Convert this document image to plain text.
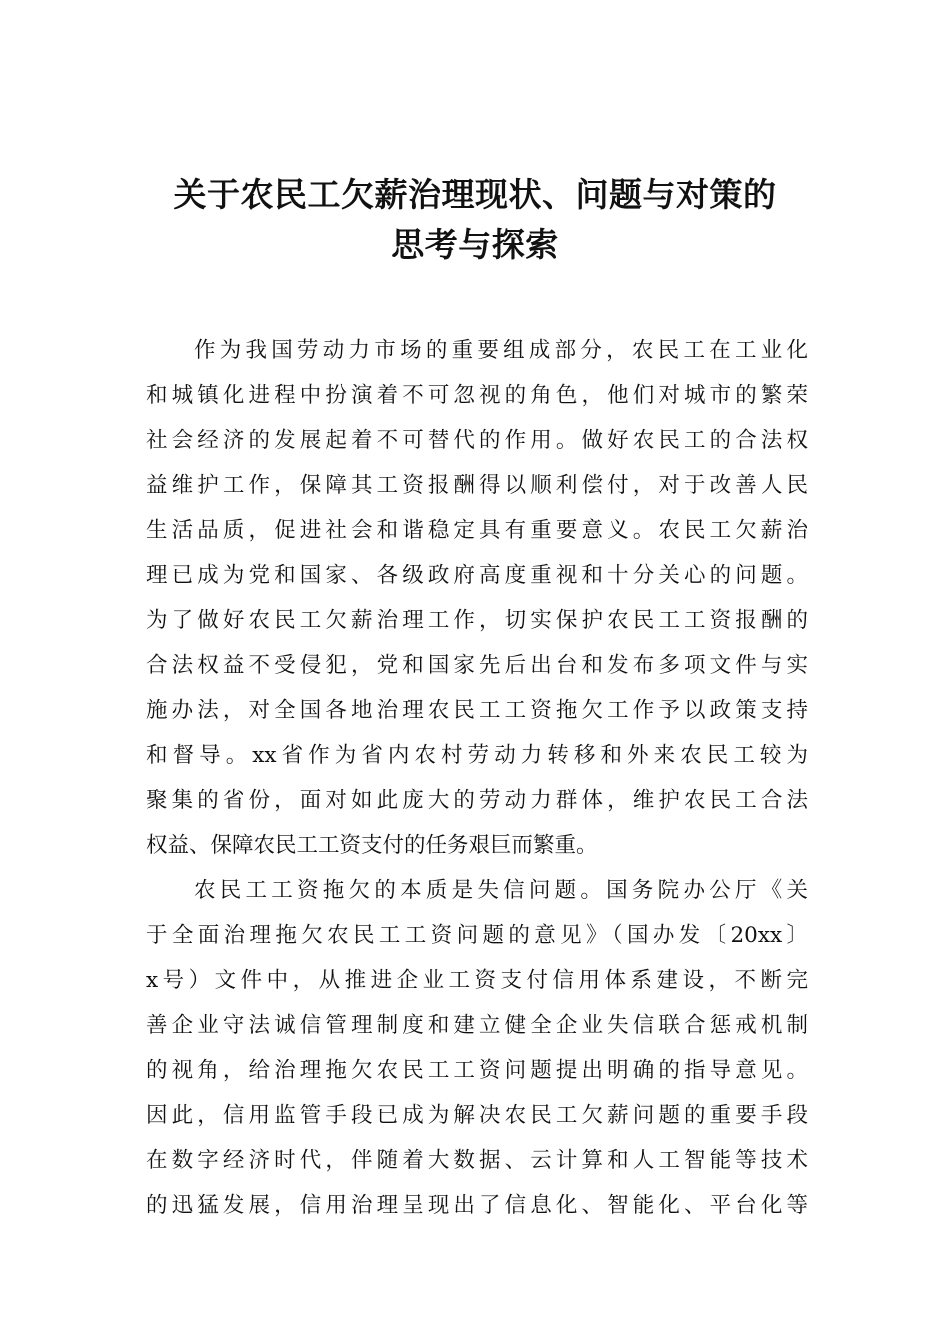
关于农民工欠薪治理现状、问题与对策的
思考与探索
作为我国劳动力市场的重要组成部分，农民工在工业化
和城镇化进程中扮演着不可忽视的角色，他们对城市的繁荣
社会经济的发展起着不可替代的作用。做好农民工的合法权
益维护工作，保障其工资报酬得以顺利偿付，对于改善人民
生活品质，促进社会和谐稳定具有重要意义。农民工欠薪治
理已成为党和国家、各级政府高度重视和十分关心的问题。
为了做好农民工欠薪治理工作，切实保护农民工工资报酬的
合法权益不受侵犯，党和国家先后出台和发布多项文件与实
施办法，对全国各地治理农民工工资拖欠工作予以政策支持
和督导。xx省作为省内农村劳动力转移和外来农民工较为
聚集的省份，面对如此庞大的劳动力群体，维护农民工合法
权益、保障农民工工资支付的任务艰巨而繁重。
农民工工资拖欠的本质是失信问题。国务院办公厅《关
于全面治理拖欠农民工工资问题的意见》（国办发〔20xx〕
x号）文件中，从推进企业工资支付信用体系建设，不断完
善企业守法诚信管理制度和建立健全企业失信联合惩戒机制
的视角，给治理拖欠农民工工资问题提出明确的指导意见。
因此，信用监管手段已成为解决农民工欠薪问题的重要手段
在数字经济时代，伴随着大数据、云计算和人工智能等技术
的迅猛发展，信用治理呈现出了信息化、智能化、平台化等
